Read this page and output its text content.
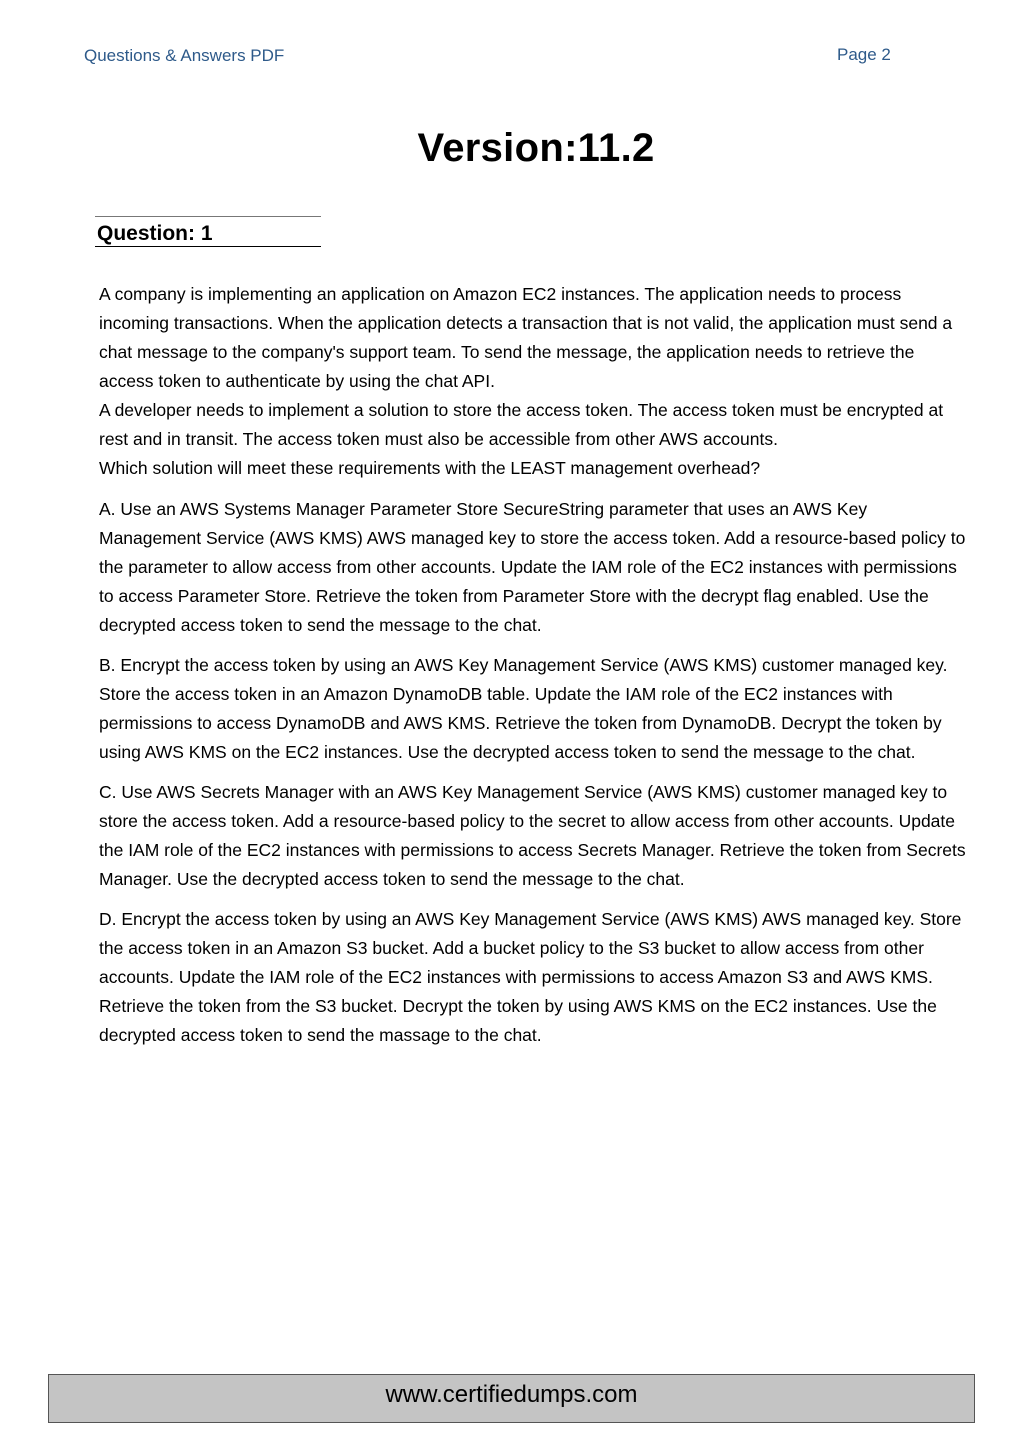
Questions & Answers PDF	Page 2
Version:11.2
Question: 1

A company is implementing an application on Amazon EC2 instances. The application needs to process incoming transactions. When the application detects a transaction that is not valid, the application must send a chat message to the company's support team. To send the message, the application needs to retrieve the access token to authenticate by using the chat API.
A developer needs to implement a solution to store the access token. The access token must be encrypted at rest and in transit. The access token must also be accessible from other AWS accounts.
Which solution will meet these requirements with the LEAST management overhead?

A. Use an AWS Systems Manager Parameter Store SecureString parameter that uses an AWS Key Management Service (AWS KMS) AWS managed key to store the access token. Add a resource-based policy to the parameter to allow access from other accounts. Update the IAM role of the EC2 instances with permissions to access Parameter Store. Retrieve the token from Parameter Store with the decrypt flag enabled. Use the decrypted access token to send the message to the chat.

B. Encrypt the access token by using an AWS Key Management Service (AWS KMS) customer managed key. Store the access token in an Amazon DynamoDB table. Update the IAM role of the EC2 instances with permissions to access DynamoDB and AWS KMS. Retrieve the token from DynamoDB. Decrypt the token by using AWS KMS on the EC2 instances. Use the decrypted access token to send the message to the chat.

C. Use AWS Secrets Manager with an AWS Key Management Service (AWS KMS) customer managed key to store the access token. Add a resource-based policy to the secret to allow access from other accounts. Update the IAM role of the EC2 instances with permissions to access Secrets Manager. Retrieve the token from Secrets Manager. Use the decrypted access token to send the message to the chat.

D. Encrypt the access token by using an AWS Key Management Service (AWS KMS) AWS managed key. Store the access token in an Amazon S3 bucket. Add a bucket policy to the S3 bucket to allow access from other accounts. Update the IAM role of the EC2 instances with permissions to access Amazon S3 and AWS KMS. Retrieve the token from the S3 bucket. Decrypt the token by using AWS KMS on the EC2 instances. Use the decrypted access token to send the massage to the chat.

www.certifiedumps.com
